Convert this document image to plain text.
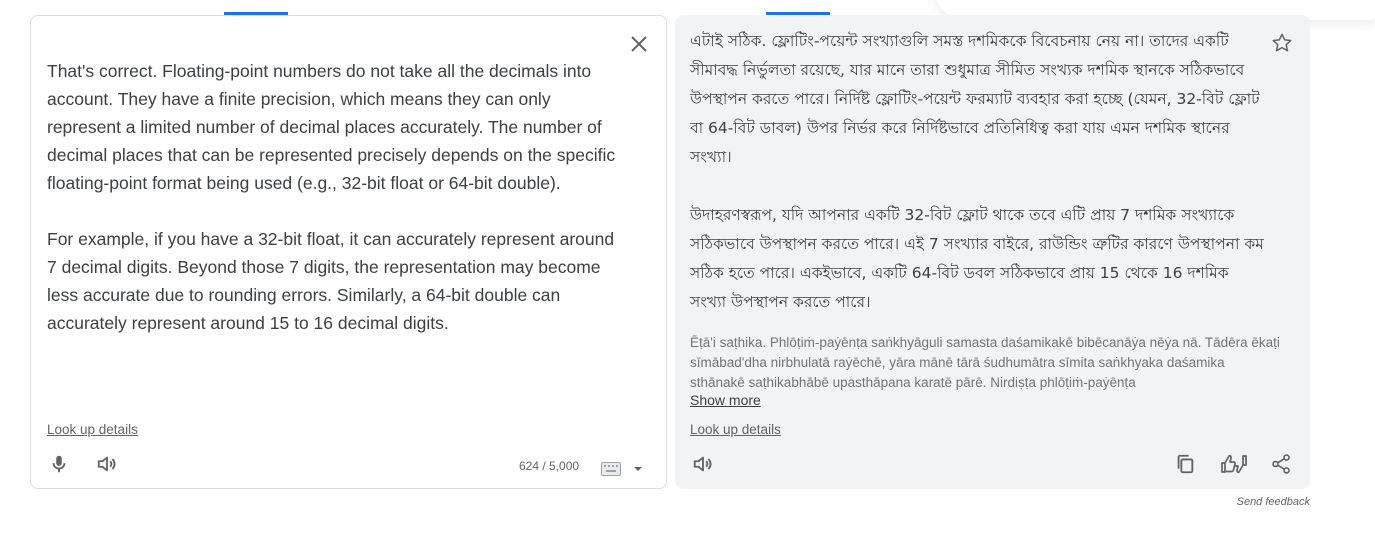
That's correct. Floating-point numbers do not take all the decimals into account. They have a finite precision, which means they can only represent a limited number of decimal places accurately. The number of decimal places that can be represented precisely depends on the specific floating-point format being used (e.g., 32-bit float or 64-bit double).

For example, if you have a 32-bit float, it can accurately represent around 7 decimal digits. Beyond those 7 digits, the representation may become less accurate due to rounding errors. Similarly, a 64-bit double can accurately represent around 15 to 16 decimal digits.

Look up details
624 / 5,000

এটাই সঠিক. ফ্লোটিং-পয়েন্ট সংখ্যাগুলি সমস্ত দশমিককে বিবেচনায় নেয় না। তাদের একটি সীমাবদ্ধ নির্ভুলতা রয়েছে, যার মানে তারা শুধুমাত্র সীমিত সংখ্যক দশমিক স্থানকে সঠিকভাবে উপস্থাপন করতে পারে। নির্দিষ্ট ফ্লোটিং-পয়েন্ট ফরম্যাট ব্যবহার করা হচ্ছে (যেমন, 32-বিট ফ্লোট বা 64-বিট ডাবল) উপর নির্ভর করে নির্দিষ্টভাবে প্রতিনিধিত্ব করা যায় এমন দশমিক স্থানের সংখ্যা।

উদাহরণস্বরূপ, যদি আপনার একটি 32-বিট ফ্লোট থাকে তবে এটি প্রায় 7 দশমিক সংখ্যাকে সঠিকভাবে উপস্থাপন করতে পারে। এই 7 সংখ্যার বাইরে, রাউন্ডিং ত্রুটির কারণে উপস্থাপনা কম সঠিক হতে পারে। একইভাবে, একটি 64-বিট ডবল সঠিকভাবে প্রায় 15 থেকে 16 দশমিক সংখ্যা উপস্থাপন করতে পারে।

Ēṭā'i saṭhika. Phlōṭiṁ-paẏēnṭa saṅkhyāguli samasta daśamikakē bibēcanāẏa nēẏa nā. Tādēra ēkaṭi sīmābad'dha nirbhulatā raẏēchē, yāra mānē tārā śudhumātra sīmita saṅkhyaka daśamika sthānakē saṭhikabhābē upasthāpana karatē pārē. Nirdiṣṭa phlōṭiṁ-paẏēnṭa
Show more
Look up details
Send feedback
